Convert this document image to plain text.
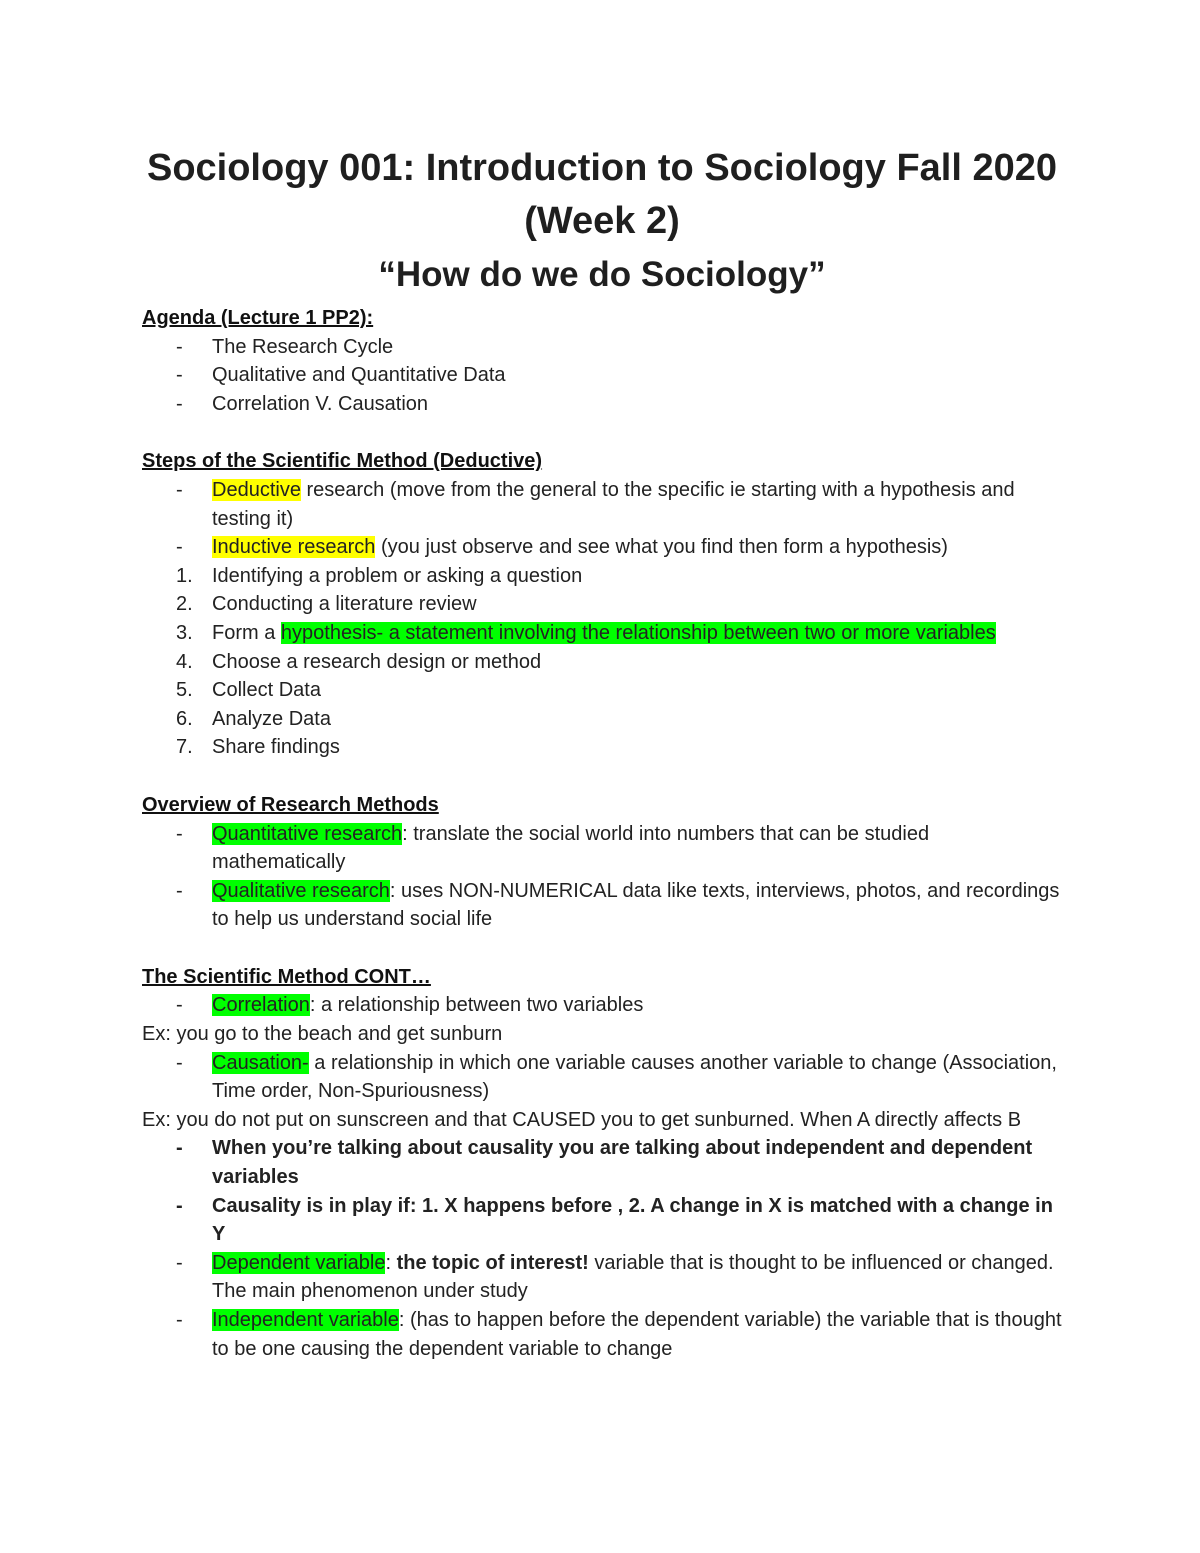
Sociology 001: Introduction to Sociology Fall 2020
(Week 2)
“How do we do Sociology”

Agenda (Lecture 1 PP2):

- The Research Cycle

- Qualitative and Quantitative Data

- Correlation V. Causation

Steps of the Scientific Method (Deductive)

- Deductive research (move from the general to the specific ie starting with a hypothesis and testing it)

- Inductive research (you just observe and see what you find then form a hypothesis)

1. Identifying a problem or asking a question

2. Conducting a literature review

3. Form a hypothesis- a statement involving the relationship between two or more variables

4. Choose a research design or method

5. Collect Data

6. Analyze Data

7. Share findings

Overview of Research Methods

- Quantitative research: translate the social world into numbers that can be studied mathematically

- Qualitative research: uses NON-NUMERICAL data like texts, interviews, photos, and recordings to help us understand social life

The Scientific Method CONT…

- Correlation: a relationship between two variables

Ex: you go to the beach and get sunburn

- Causation- a relationship in which one variable causes another variable to change (Association, Time order, Non-Spuriousness)

Ex: you do not put on sunscreen and that CAUSED you to get sunburned. When A directly affects B

- When you’re talking about causality you are talking about independent and dependent variables

- Causality is in play if: 1. X happens before , 2. A change in X is matched with a change in Y

- Dependent variable: the topic of interest! variable that is thought to be influenced or changed. The main phenomenon under study

- Independent variable: (has to happen before the dependent variable) the variable that is thought to be one causing the dependent variable to change
